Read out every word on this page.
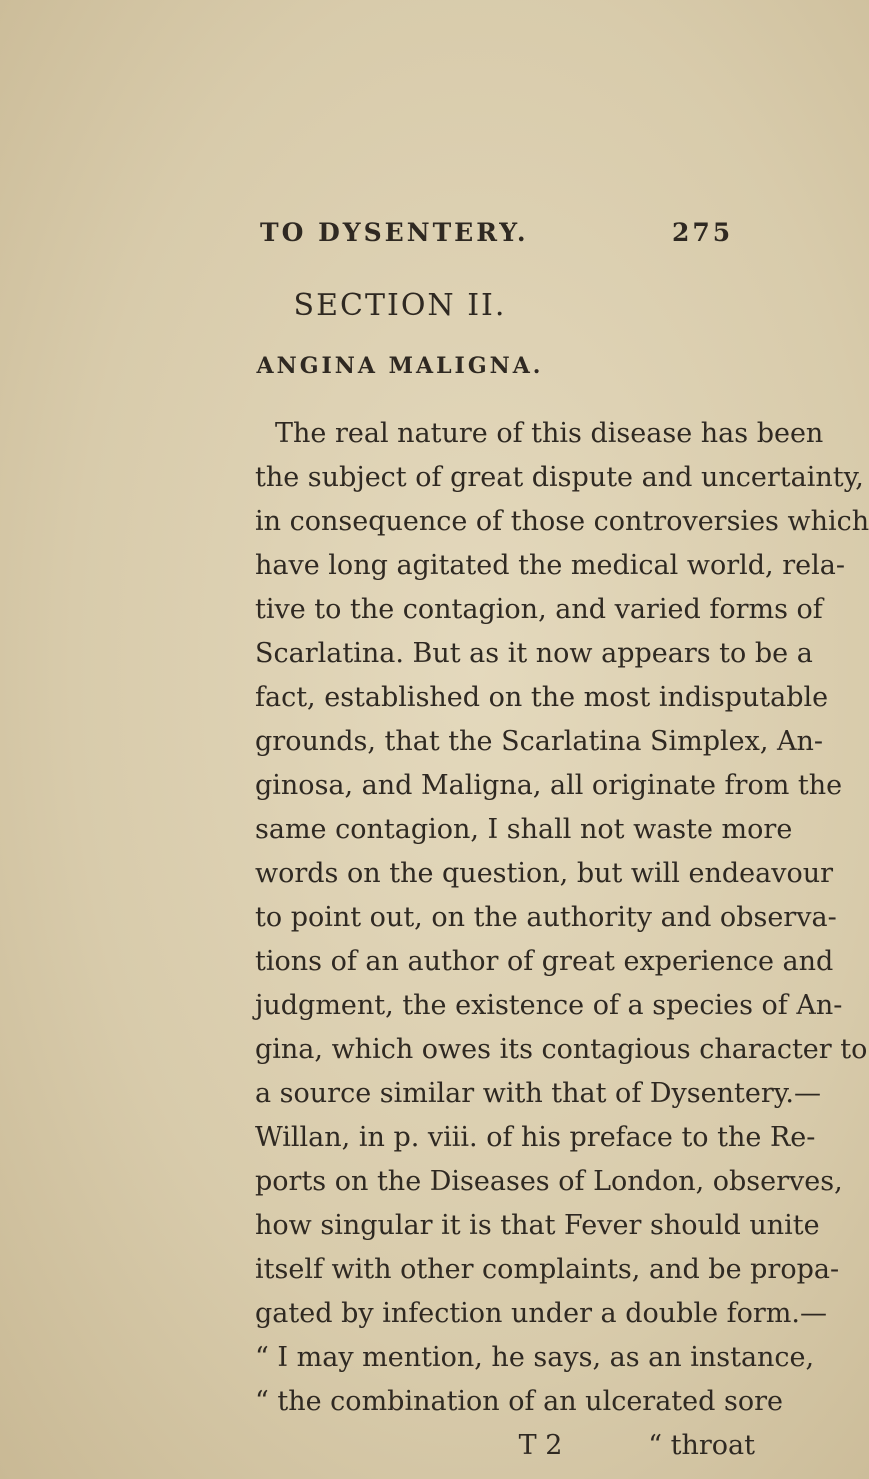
TO DYSENTERY.	275
SECTION II.
ANGINA MALIGNA.
The real nature of this disease has been
the subject of great dispute and uncertainty,
in consequence of those controversies which
have long agitated the medical world, rela-
tive to the contagion, and varied forms of
Scarlatina. But as it now appears to be a
fact, established on the most indisputable
grounds, that the Scarlatina Simplex, An-
ginosa, and Maligna, all originate from the
same contagion, I shall not waste more
words on the question, but will endeavour
to point out, on the authority and observa-
tions of an author of great experience and
judgment, the existence of a species of An-
gina, which owes its contagious character to
a source similar with that of Dysentery.—
Willan, in p. viii. of his preface to the Re-
ports on the Diseases of London, observes,
how singular it is that Fever should unite
itself with other complaints, and be propa-
gated by infection under a double form.—
“ I may mention, he says, as an instance,
“ the combination of an ulcerated sore
T 2          “ throat
